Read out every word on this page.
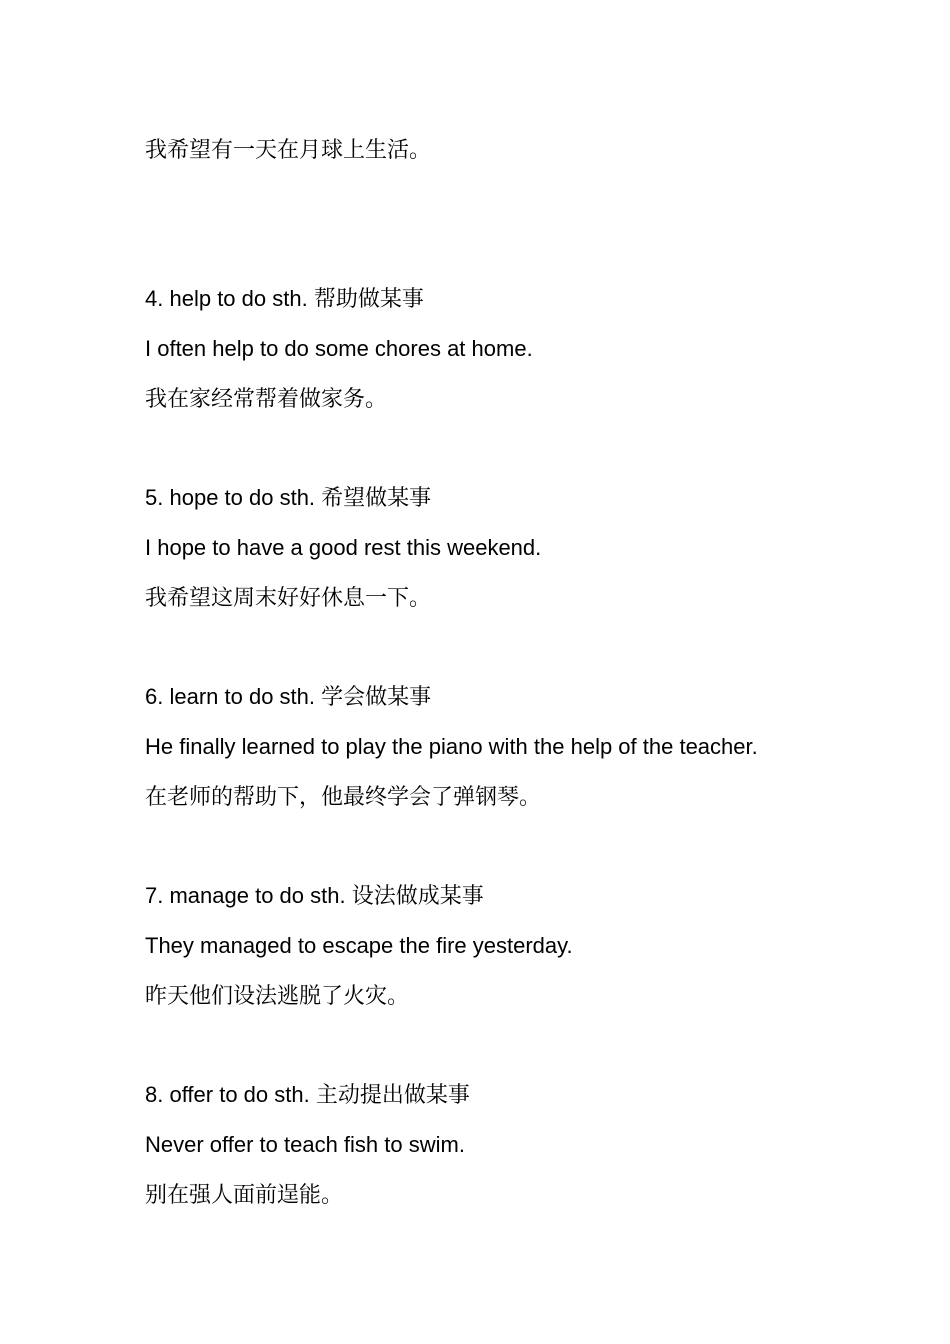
我希望有一天在月球上生活。
4. help to do sth. 帮助做某事
I often help to do some chores at home.
我在家经常帮着做家务。
5. hope to do sth. 希望做某事
I hope to have a good rest this weekend.
我希望这周末好好休息一下。
6. learn to do sth. 学会做某事
He finally learned to play the piano with the help of the teacher.
在老师的帮助下，他最终学会了弹钢琴。
7. manage to do sth. 设法做成某事
They managed to escape the fire yesterday.
昨天他们设法逃脱了火灾。
8. offer to do sth. 主动提出做某事
Never offer to teach fish to swim.
别在强人面前逞能。
